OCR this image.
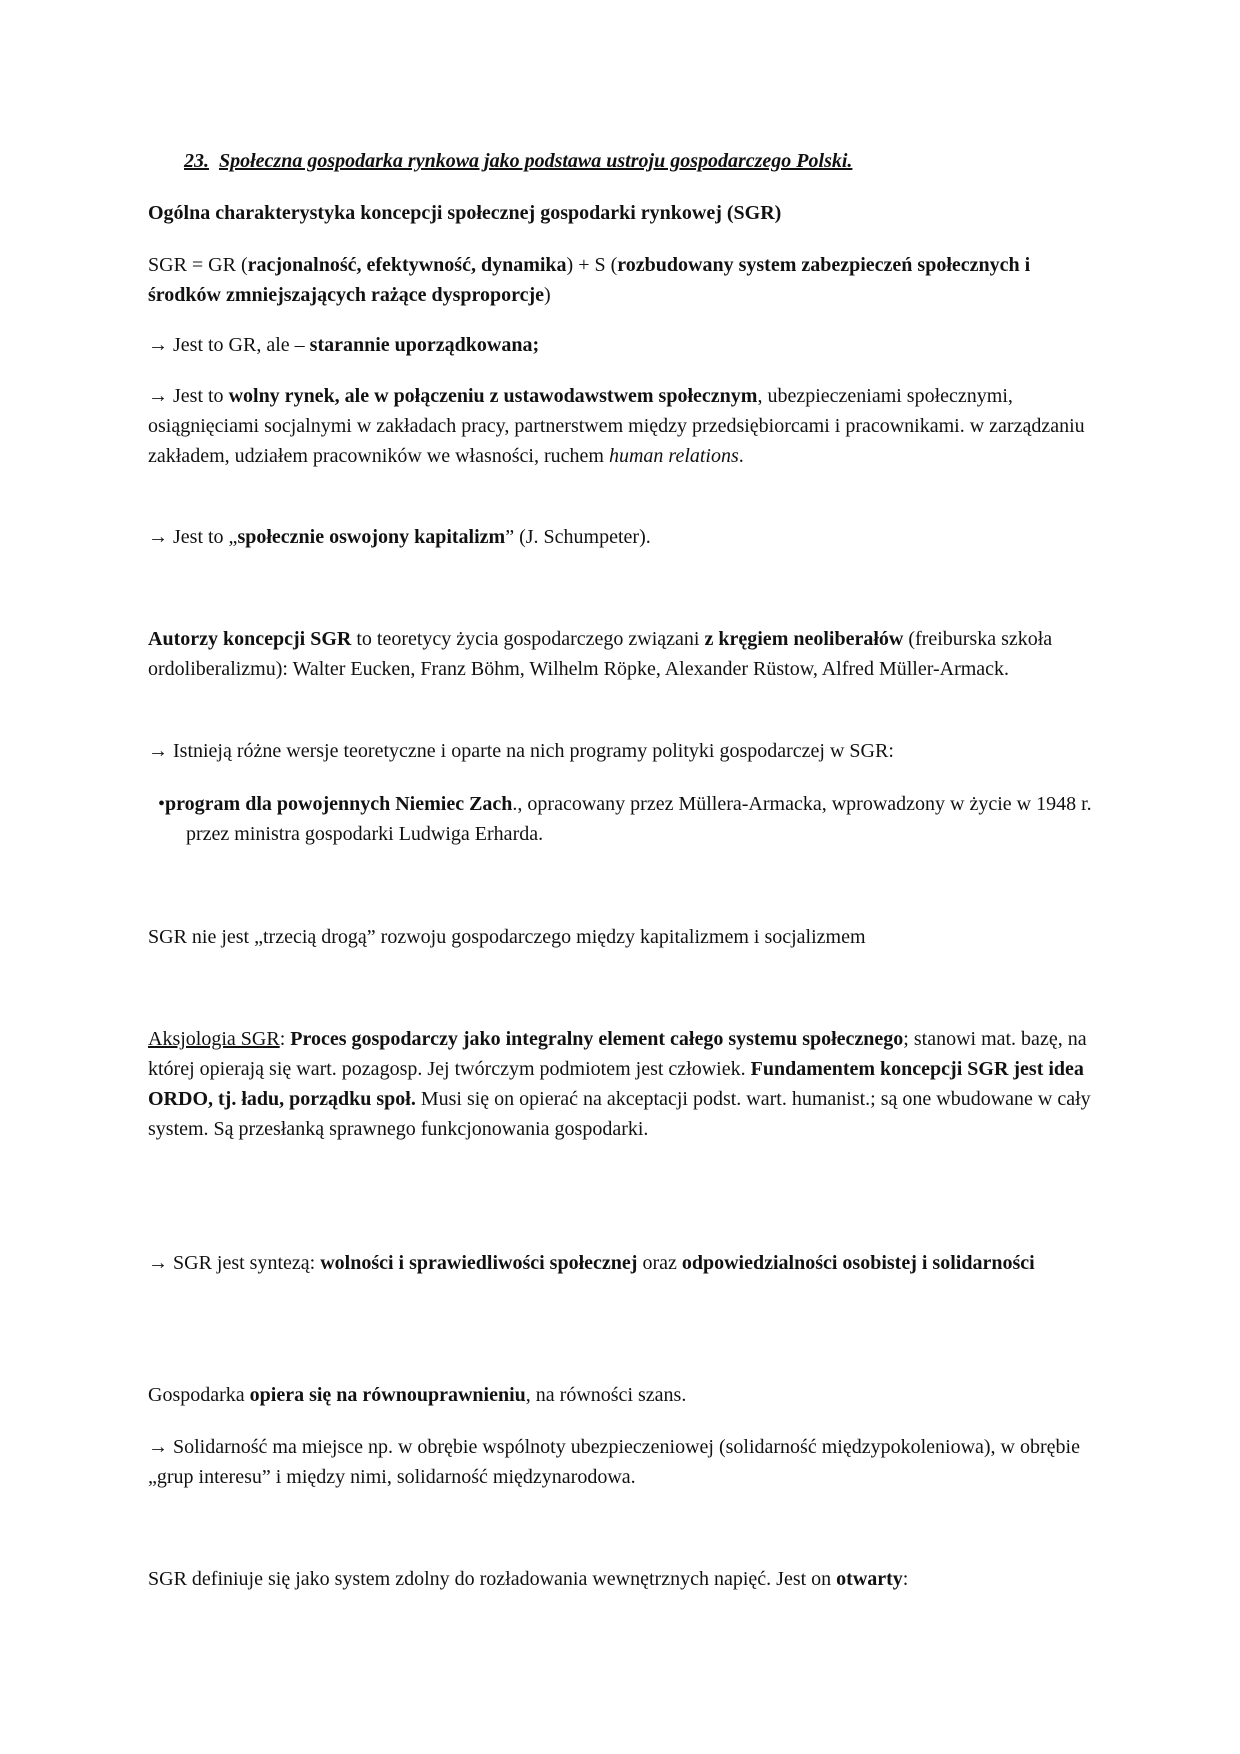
23. Społeczna gospodarka rynkowa jako podstawa ustroju gospodarczego Polski.

Ogólna charakterystyka koncepcji społecznej gospodarki rynkowej (SGR)

SGR = GR (racjonalność, efektywność, dynamika) + S (rozbudowany system zabezpieczeń społecznych i środków zmniejszających rażące dysproporcje)

→ Jest to GR, ale – starannie uporządkowana;

→ Jest to wolny rynek, ale w połączeniu z ustawodawstwem społecznym, ubezpieczeniami społecznymi, osiągnięciami socjalnymi w zakładach pracy, partnerstwem między przedsiębiorcami i pracownikami. w zarządzaniu zakładem, udziałem pracowników we własności, ruchem human relations.

→ Jest to „społecznie oswojony kapitalizm” (J. Schumpeter).

Autorzy koncepcji SGR to teoretycy życia gospodarczego związani z kręgiem neoliberałów (freiburska szkoła ordoliberalizmu): Walter Eucken, Franz Böhm, Wilhelm Röpke, Alexander Rüstow, Alfred Müller-Armack.

→ Istnieją różne wersje teoretyczne i oparte na nich programy polityki gospodarczej w SGR:

•program dla powojennych Niemiec Zach., opracowany przez Müllera-Armacka, wprowadzony w życie w 1948 r. przez ministra gospodarki Ludwiga Erharda.

SGR nie jest „trzecią drogą” rozwoju gospodarczego między kapitalizmem i socjalizmem

Aksjologia SGR: Proces gospodarczy jako integralny element całego systemu społecznego; stanowi mat. bazę, na której opierają się wart. pozagosp. Jej twórczym podmiotem jest człowiek. Fundamentem koncepcji SGR jest idea ORDO, tj. ładu, porządku społ. Musi się on opierać na akceptacji podst. wart. humanist.; są one wbudowane w cały system. Są przesłanką sprawnego funkcjonowania gospodarki.

→ SGR jest syntezą: wolności i sprawiedliwości społecznej oraz odpowiedzialności osobistej i solidarności

Gospodarka opiera się na równouprawnieniu, na równości szans.

→ Solidarność ma miejsce np. w obrębie wspólnoty ubezpieczeniowej (solidarność międzypokoleniowa), w obrębie „grup interesu” i między nimi, solidarność międzynarodowa.

SGR definiuje się jako system zdolny do rozładowania wewnętrznych napięć. Jest on otwarty:
